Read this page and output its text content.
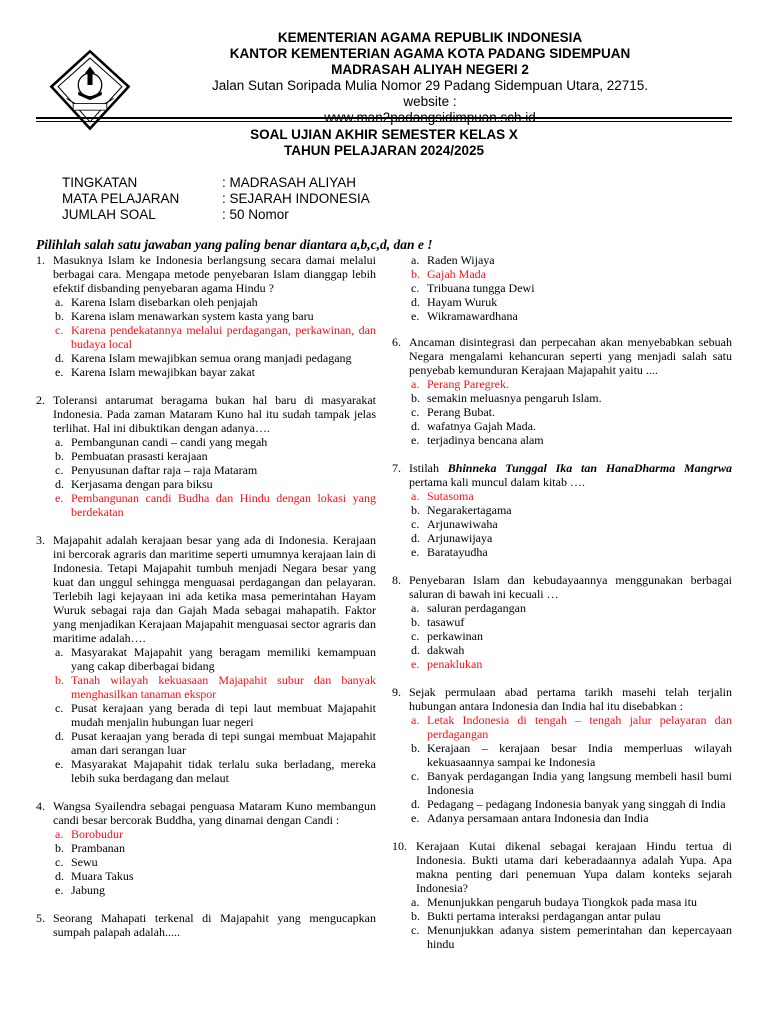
KEMENTERIAN AGAMA REPUBLIK INDONESIA
KANTOR KEMENTERIAN AGAMA KOTA PADANG SIDEMPUAN
MADRASAH ALIYAH NEGERI 2
Jalan Sutan Soripada Mulia Nomor 29 Padang Sidempuan Utara, 22715. website :
www.man2padangsidimpuan.sch.id
SOAL UJIAN AKHIR SEMESTER KELAS X
TAHUN PELAJARAN 2024/2025
TINGKATAN	: MADRASAH ALIYAH
MATA PELAJARAN	: SEJARAH INDONESIA
JUMLAH SOAL	: 50 Nomor
Pilihlah salah satu jawaban yang paling benar diantara a,b,c,d, dan e !
1. Masuknya Islam ke Indonesia berlangsung secara damai melalui berbagai cara. Mengapa metode penyebaran Islam dianggap lebih efektif disbanding penyebaran agama Hindu ?
a. Karena Islam disebarkan oleh penjajah
b. Karena islam menawarkan system kasta yang baru
c. Karena pendekatannya melalui perdagangan, perkawinan, dan budaya local
d. Karena Islam mewajibkan semua orang manjadi pedagang
e. Karena Islam mewajibkan bayar zakat
2. Toleransi antarumat beragama bukan hal baru di masyarakat Indonesia. Pada zaman Mataram Kuno hal itu sudah tampak jelas terlihat. Hal ini dibuktikan dengan adanya….
a. Pembangunan candi – candi yang megah
b. Pembuatan prasasti kerajaan
c. Penyusunan daftar raja – raja Mataram
d. Kerjasama dengan para biksu
e. Pembangunan candi Budha dan Hindu dengan lokasi yang berdekatan
3. Majapahit adalah kerajaan besar yang ada di Indonesia. Kerajaan ini bercorak agraris dan maritime seperti umumnya kerajaan lain di Indonesia. Tetapi Majapahit tumbuh menjadi Negara besar yang kuat dan unggul sehingga menguasai perdagangan dan pelayaran. Terlebih lagi kejayaan ini ada ketika masa pemerintahan Hayam Wuruk sebagai raja dan Gajah Mada sebagai mahapatih. Faktor yang menjadikan Kerajaan Majapahit menguasai sector agraris dan maritime adalah….
a. Masyarakat Majapahit yang beragam memiliki kemampuan yang cakap diberbagai bidang
b. Tanah wilayah kekuasaan Majapahit subur dan banyak menghasilkan tanaman ekspor
c. Pusat kerajaan yang berada di tepi laut membuat Majapahit mudah menjalin hubungan luar negeri
d. Pusat keraajan yang berada di tepi sungai membuat Majapahit aman dari serangan luar
e. Masyarakat Majapahit tidak terlalu suka berladang, mereka lebih suka berdagang dan melaut
4. Wangsa Syailendra sebagai penguasa Mataram Kuno membangun candi besar bercorak Buddha, yang dinamai dengan Candi :
a. Borobudur
b. Prambanan
c. Sewu
d. Muara Takus
e. Jabung
5. Seorang Mahapati terkenal di Majapahit yang mengucapkan sumpah palapah adalah.....
a. Raden Wijaya
b. Gajah Mada
c. Tribuana tungga Dewi
d. Hayam Wuruk
e. Wikramawardhana
6. Ancaman disintegrasi dan perpecahan akan menyebabkan sebuah Negara mengalami kehancuran seperti yang menjadi salah satu penyebab kemunduran Kerajaan Majapahit yaitu ....
a. Perang Paregrek.
b. semakin meluasnya pengaruh Islam.
c. Perang Bubat.
d. wafatnya Gajah Mada.
e. terjadinya bencana alam
7. Istilah Bhinneka Tunggal Ika tan HanaDharma Mangrwa pertama kali muncul dalam kitab ….
a. Sutasoma
b. Negarakertagama
c. Arjunawiwaha
d. Arjunawijaya
e. Baratayudha
8. Penyebaran Islam dan kebudayaannya menggunakan berbagai saluran di bawah ini kecuali …
a. saluran perdagangan
b. tasawuf
c. perkawinan
d. dakwah
e. penaklukan
9. Sejak permulaan abad pertama tarikh masehi telah terjalin hubungan antara Indonesia dan India hal itu disebabkan :
a. Letak Indonesia di tengah – tengah jalur pelayaran dan perdagangan
b. Kerajaan – kerajaan besar India memperluas wilayah kekuasaannya sampai ke Indonesia
c. Banyak perdagangan India yang langsung membeli hasil bumi Indonesia
d. Pedagang – pedagang Indonesia banyak yang singgah di India
e. Adanya persamaan antara Indonesia dan India
10. Kerajaan Kutai dikenal sebagai kerajaan Hindu tertua di Indonesia. Bukti utama dari keberadaannya adalah Yupa. Apa makna penting dari penemuan Yupa dalam konteks sejarah Indonesia?
a. Menunjukkan pengaruh budaya Tiongkok pada masa itu
b. Bukti pertama interaksi perdagangan antar pulau
c. Menunjukkan adanya sistem pemerintahan dan kepercayaan hindu
